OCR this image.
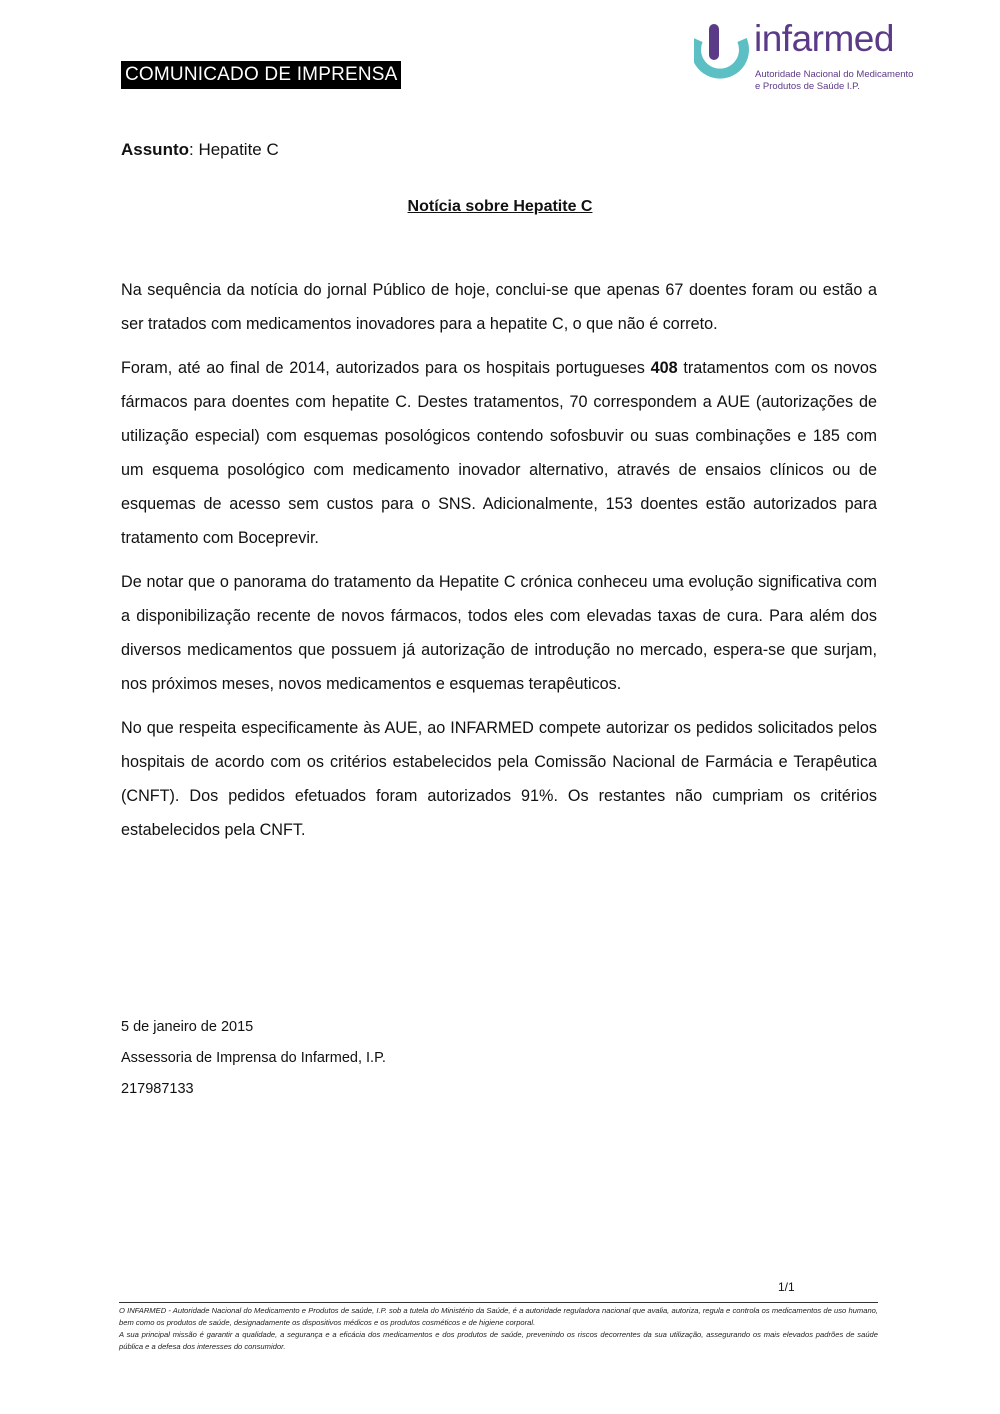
COMUNICADO DE IMPRENSA
infarmed
Autoridade Nacional do Medicamento
e Produtos de Saúde I.P.
Assunto: Hepatite C
Notícia sobre Hepatite C

Na sequência da notícia do jornal Público de hoje, conclui-se que apenas 67 doentes foram ou estão a ser tratados com medicamentos inovadores para a hepatite C, o que não é correto.

Foram, até ao final de 2014, autorizados para os hospitais portugueses 408 tratamentos com os novos fármacos para doentes com hepatite C. Destes tratamentos, 70 correspondem a AUE (autorizações de utilização especial) com esquemas posológicos contendo sofosbuvir ou suas combinações e 185 com um esquema posológico com medicamento inovador alternativo, através de ensaios clínicos ou de esquemas de acesso sem custos para o SNS. Adicionalmente, 153 doentes estão autorizados para tratamento com Boceprevir.

De notar que o panorama do tratamento da Hepatite C crónica conheceu uma evolução significativa com a disponibilização recente de novos fármacos, todos eles com elevadas taxas de cura. Para além dos diversos medicamentos que possuem já autorização de introdução no mercado, espera-se que surjam, nos próximos meses, novos medicamentos e esquemas terapêuticos.

No que respeita especificamente às AUE, ao INFARMED compete autorizar os pedidos solicitados pelos hospitais de acordo com os critérios estabelecidos pela Comissão Nacional de Farmácia e Terapêutica (CNFT). Dos pedidos efetuados foram autorizados 91%. Os restantes não cumpriam os critérios estabelecidos pela CNFT.

5 de janeiro de 2015
Assessoria de Imprensa do Infarmed, I.P.
217987133
1/1
O INFARMED - Autoridade Nacional do Medicamento e Produtos de saúde, I.P. sob a tutela do Ministério da Saúde, é a autoridade reguladora nacional que avalia, autoriza, regula e controla os medicamentos de uso humano, bem como os produtos de saúde, designadamente os dispositivos médicos e os produtos cosméticos e de higiene corporal.
A sua principal missão é garantir a qualidade, a segurança e a eficácia dos medicamentos e dos produtos de saúde, prevenindo os riscos decorrentes da sua utilização, assegurando os mais elevados padrões de saúde pública e a defesa dos interesses do consumidor.
